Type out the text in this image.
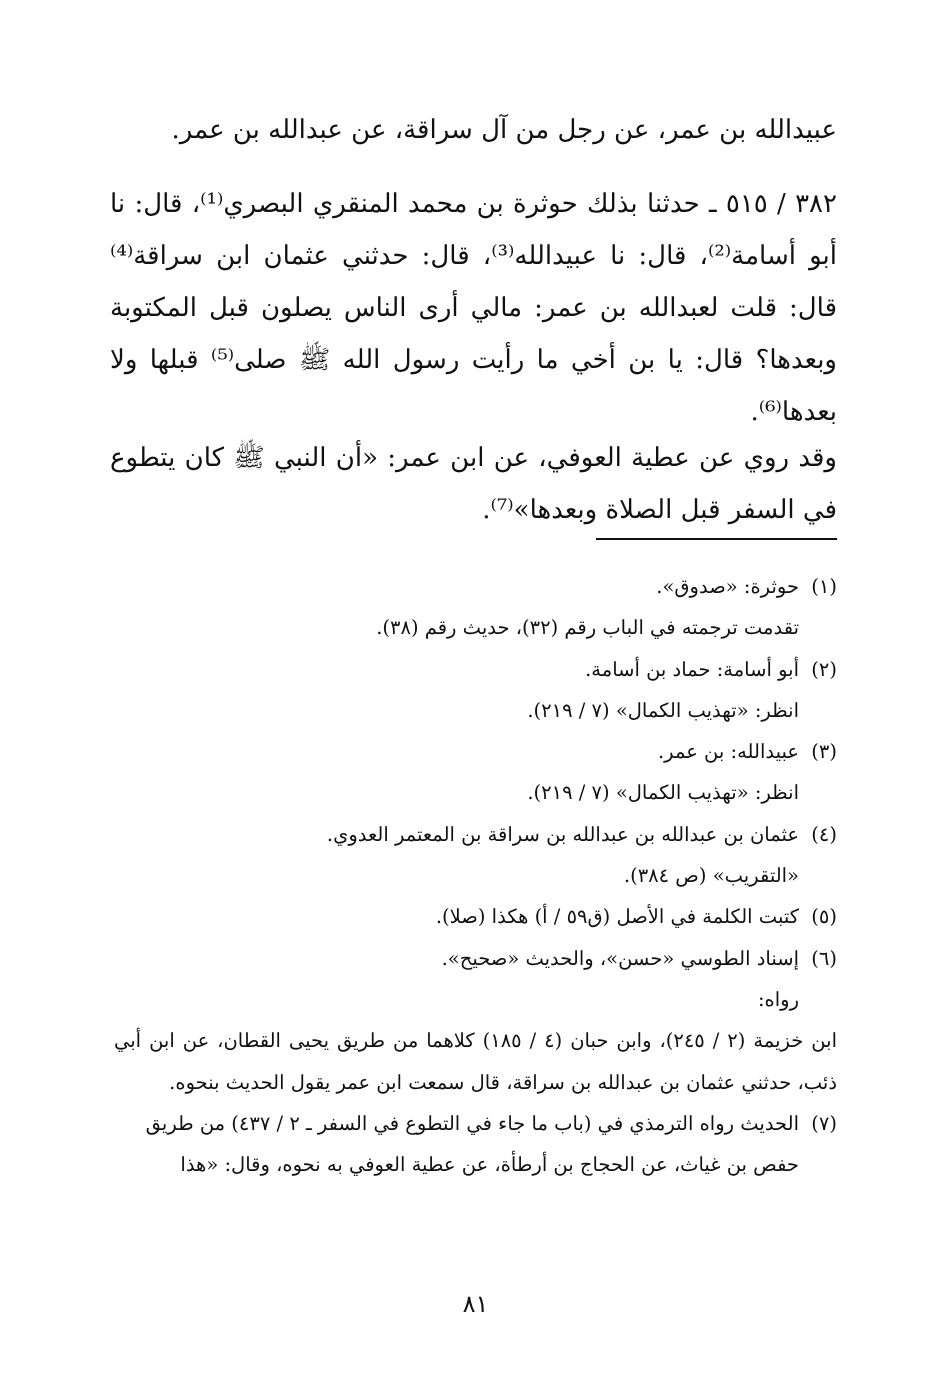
عبيدالله بن عمر، عن رجل من آل سراقة، عن عبدالله بن عمر.
٣٨٢ / ٥١٥ ـ حدثنا بذلك حوثرة بن محمد المنقري البصري⁽¹⁾، قال: نا أبو أسامة⁽²⁾، قال: نا عبيدالله⁽³⁾، قال: حدثني عثمان ابن سراقة⁽⁴⁾ قال: قلت لعبدالله بن عمر: مالي أرى الناس يصلون قبل المكتوبة وبعدها؟ قال: يا بن أخي ما رأيت رسول الله ﷺ صلى⁽⁵⁾ قبلها ولا بعدها⁽⁶⁾.
وقد روي عن عطية العوفي، عن ابن عمر: «أن النبي ﷺ كان يتطوع في السفر قبل الصلاة وبعدها»⁽⁷⁾.
(١)
حوثرة: «صدوق».
تقدمت ترجمته في الباب رقم (٣٢)، حديث رقم (٣٨).
(٢)
أبو أسامة: حماد بن أسامة.
انظر: «تهذيب الكمال» (٧ / ٢١٩).
(٣)
عبيدالله: بن عمر.
انظر: «تهذيب الكمال» (٧ / ٢١٩).
(٤)
عثمان بن عبدالله بن عبدالله بن سراقة بن المعتمر العدوي.
«التقريب» (ص ٣٨٤).
(٥)
كتبت الكلمة في الأصل (ق٥٩ / أ) هكذا (صلا).
(٦)
إسناد الطوسي «حسن»، والحديث «صحيح».
رواه:
ابن خزيمة (٢ / ٢٤٥)، وابن حبان (٤ / ١٨٥) كلاهما من طريق يحيى القطان، عن ابن أبي ذئب، حدثني عثمان بن عبدالله بن سراقة، قال سمعت ابن عمر يقول الحديث بنحوه.
(٧)
الحديث رواه الترمذي في (باب ما جاء في التطوع في السفر ـ ٢ / ٤٣٧) من طريق حفص بن غياث، عن الحجاج بن أرطأة، عن عطية العوفي به نحوه، وقال: «هذا
٨١
